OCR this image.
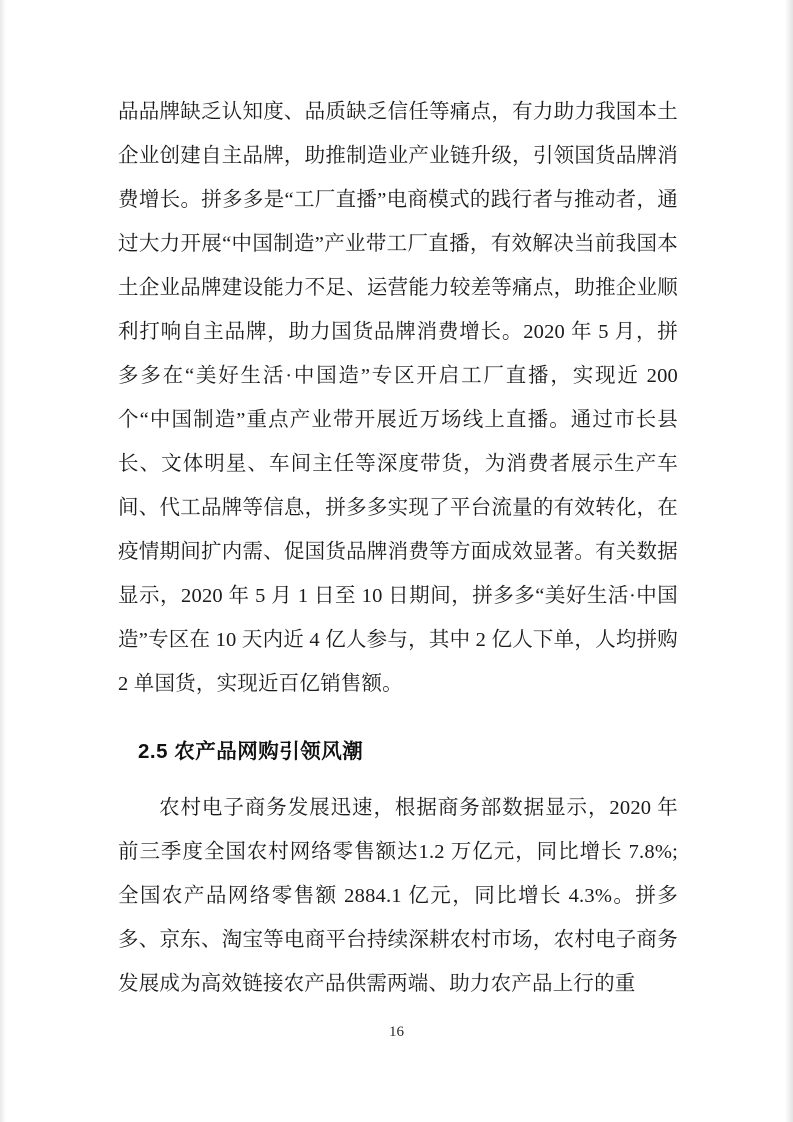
品品牌缺乏认知度、品质缺乏信任等痛点，有力助力我国本土企业创建自主品牌，助推制造业产业链升级，引领国货品牌消费增长。拼多多是“工厂直播”电商模式的践行者与推动者，通过大力开展“中国制造”产业带工厂直播，有效解决当前我国本土企业品牌建设能力不足、运营能力较差等痛点，助推企业顺利打响自主品牌，助力国货品牌消费增长。2020 年 5 月，拼多多在“美好生活·中国造”专区开启工厂直播，实现近 200 个“中国制造”重点产业带开展近万场线上直播。通过市长县长、文体明星、车间主任等深度带货，为消费者展示生产车间、代工品牌等信息，拼多多实现了平台流量的有效转化，在疫情期间扩内需、促国货品牌消费等方面成效显著。有关数据显示，2020 年 5 月 1 日至 10 日期间，拼多多“美好生活·中国造”专区在 10 天内近 4 亿人参与，其中 2 亿人下单，人均拼购 2 单国货，实现近百亿销售额。

2.5 农产品网购引领风潮

农村电子商务发展迅速，根据商务部数据显示，2020 年前三季度全国农村网络零售额达1.2 万亿元，同比增长 7.8%; 全国农产品网络零售额 2884.1 亿元，同比增长 4.3%。拼多多、京东、淘宝等电商平台持续深耕农村市场，农村电子商务发展成为高效链接农产品供需两端、助力农产品上行的重

16
